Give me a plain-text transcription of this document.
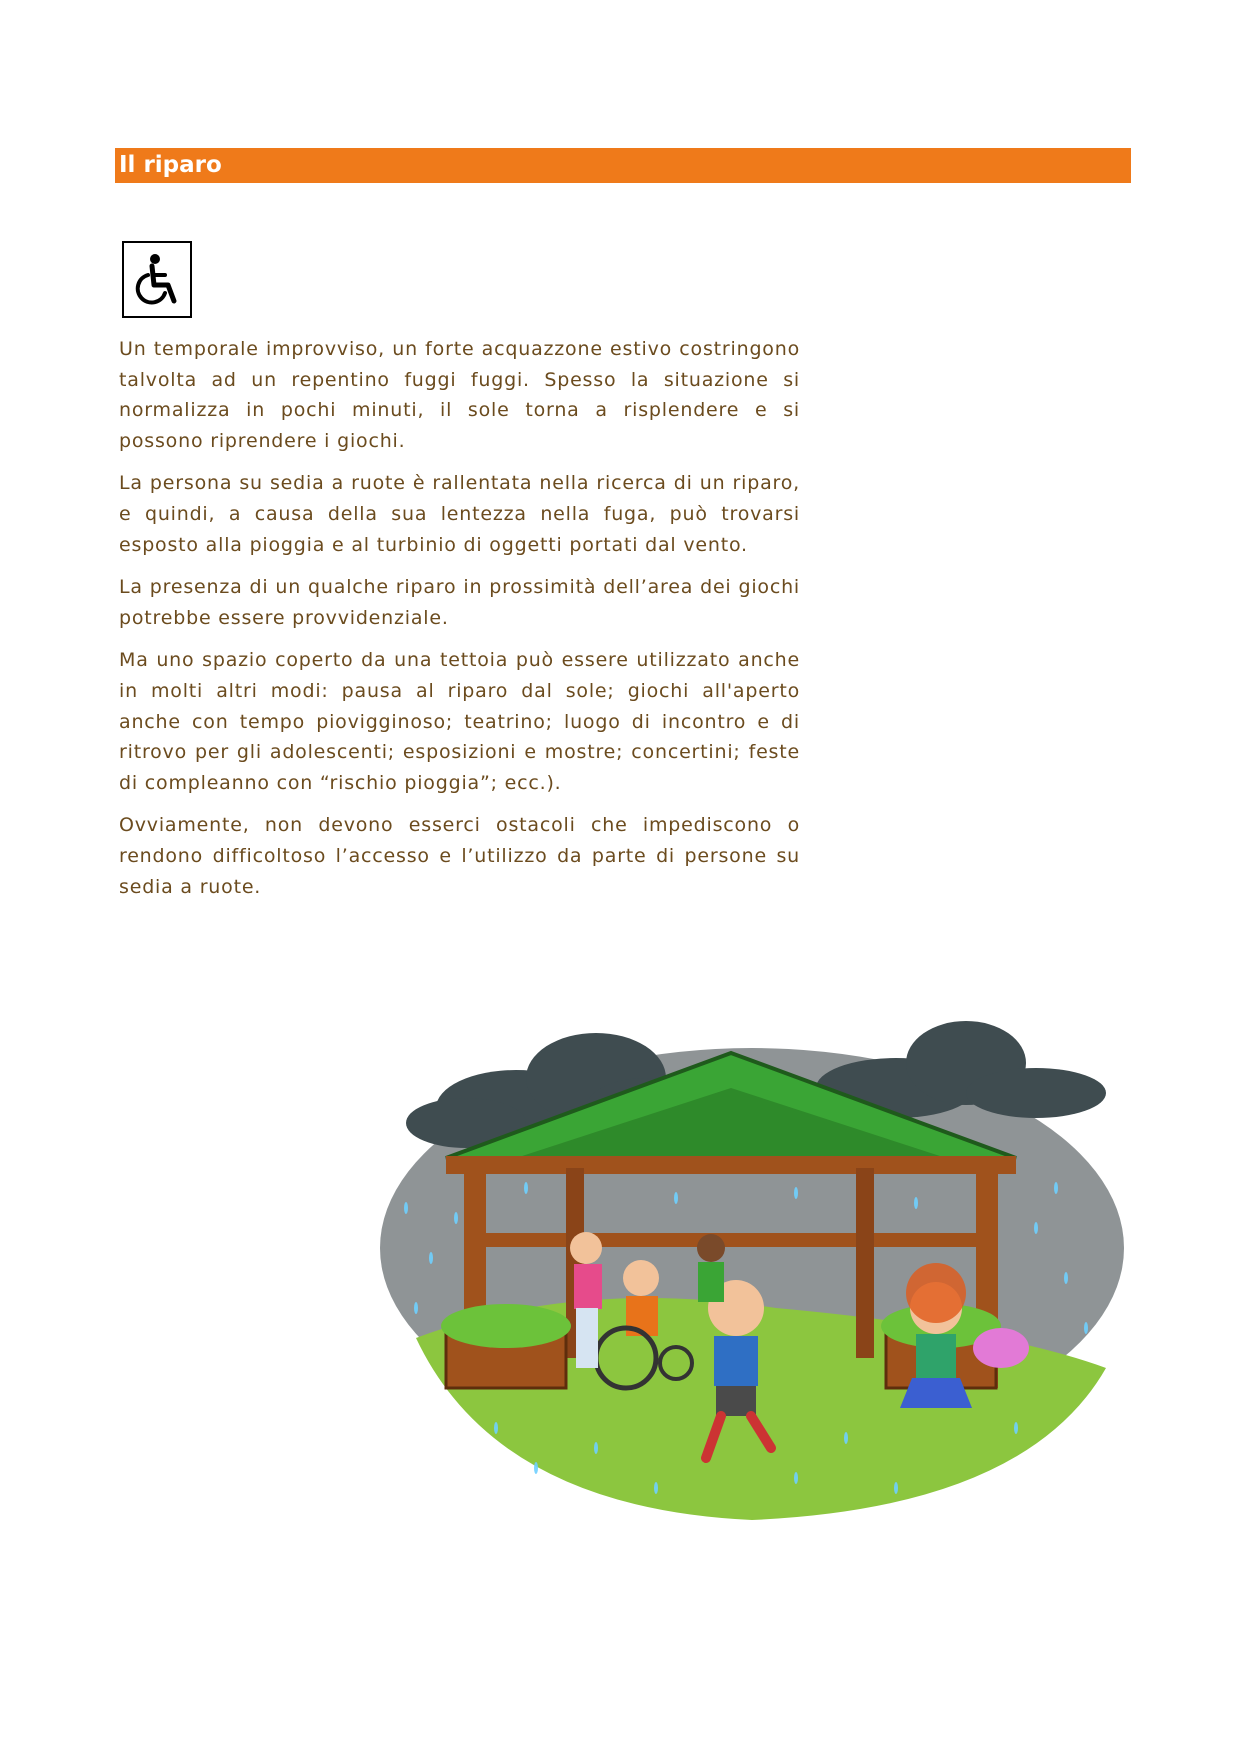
Il riparo

Un temporale improvviso, un forte acquazzone estivo costringono talvolta ad un repentino fuggi fuggi. Spesso la situazione si normalizza in pochi minuti, il sole torna a risplendere e si possono riprendere i giochi.

La persona su sedia a ruote è rallentata nella ricerca di un riparo, e quindi, a causa della sua lentezza nella fuga, può trovarsi esposto alla pioggia e al turbinio di oggetti portati dal vento.

La presenza di un qualche riparo in prossimità dell’area dei giochi potrebbe essere provvidenziale.

Ma uno spazio coperto da una tettoia può essere utilizzato anche in molti altri modi: pausa al riparo dal sole; giochi all'aperto anche con tempo piovigginoso; teatrino; luogo di incontro e di ritrovo per gli adolescenti; esposizioni e mostre; concertini; feste di compleanno con “rischio pioggia”; ecc.).

Ovviamente, non devono esserci ostacoli che impediscono o rendono difficoltoso l’accesso e l’utilizzo da parte di persone su sedia a ruote.
